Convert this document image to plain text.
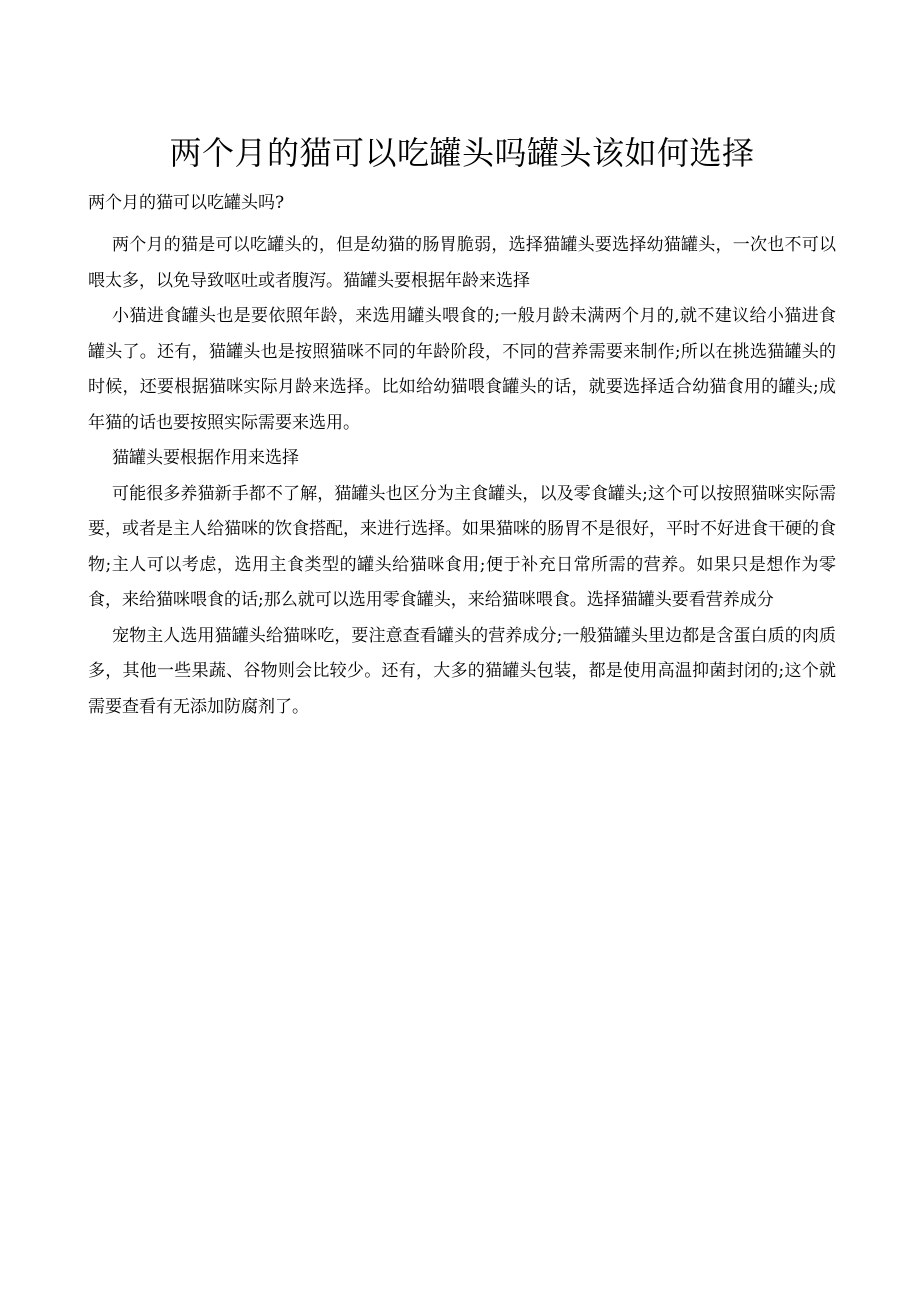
两个月的猫可以吃罐头吗罐头该如何选择

两个月的猫可以吃罐头吗?

两个月的猫是可以吃罐头的，但是幼猫的肠胃脆弱，选择猫罐头要选择幼猫罐头，一次也不可以喂太多，以免导致呕吐或者腹泻。猫罐头要根据年龄来选择

小猫进食罐头也是要依照年龄，来选用罐头喂食的;一般月龄未满两个月的,就不建议给小猫进食罐头了。还有，猫罐头也是按照猫咪不同的年龄阶段，不同的营养需要来制作;所以在挑选猫罐头的时候，还要根据猫咪实际月龄来选择。比如给幼猫喂食罐头的话，就要选择适合幼猫食用的罐头;成年猫的话也要按照实际需要来选用。

猫罐头要根据作用来选择

可能很多养猫新手都不了解，猫罐头也区分为主食罐头，以及零食罐头;这个可以按照猫咪实际需要，或者是主人给猫咪的饮食搭配，来进行选择。如果猫咪的肠胃不是很好，平时不好进食干硬的食物;主人可以考虑，选用主食类型的罐头给猫咪食用;便于补充日常所需的营养。如果只是想作为零食，来给猫咪喂食的话;那么就可以选用零食罐头，来给猫咪喂食。选择猫罐头要看营养成分

宠物主人选用猫罐头给猫咪吃，要注意查看罐头的营养成分;一般猫罐头里边都是含蛋白质的肉质多，其他一些果蔬、谷物则会比较少。还有，大多的猫罐头包装，都是使用高温抑菌封闭的;这个就需要查看有无添加防腐剂了。
